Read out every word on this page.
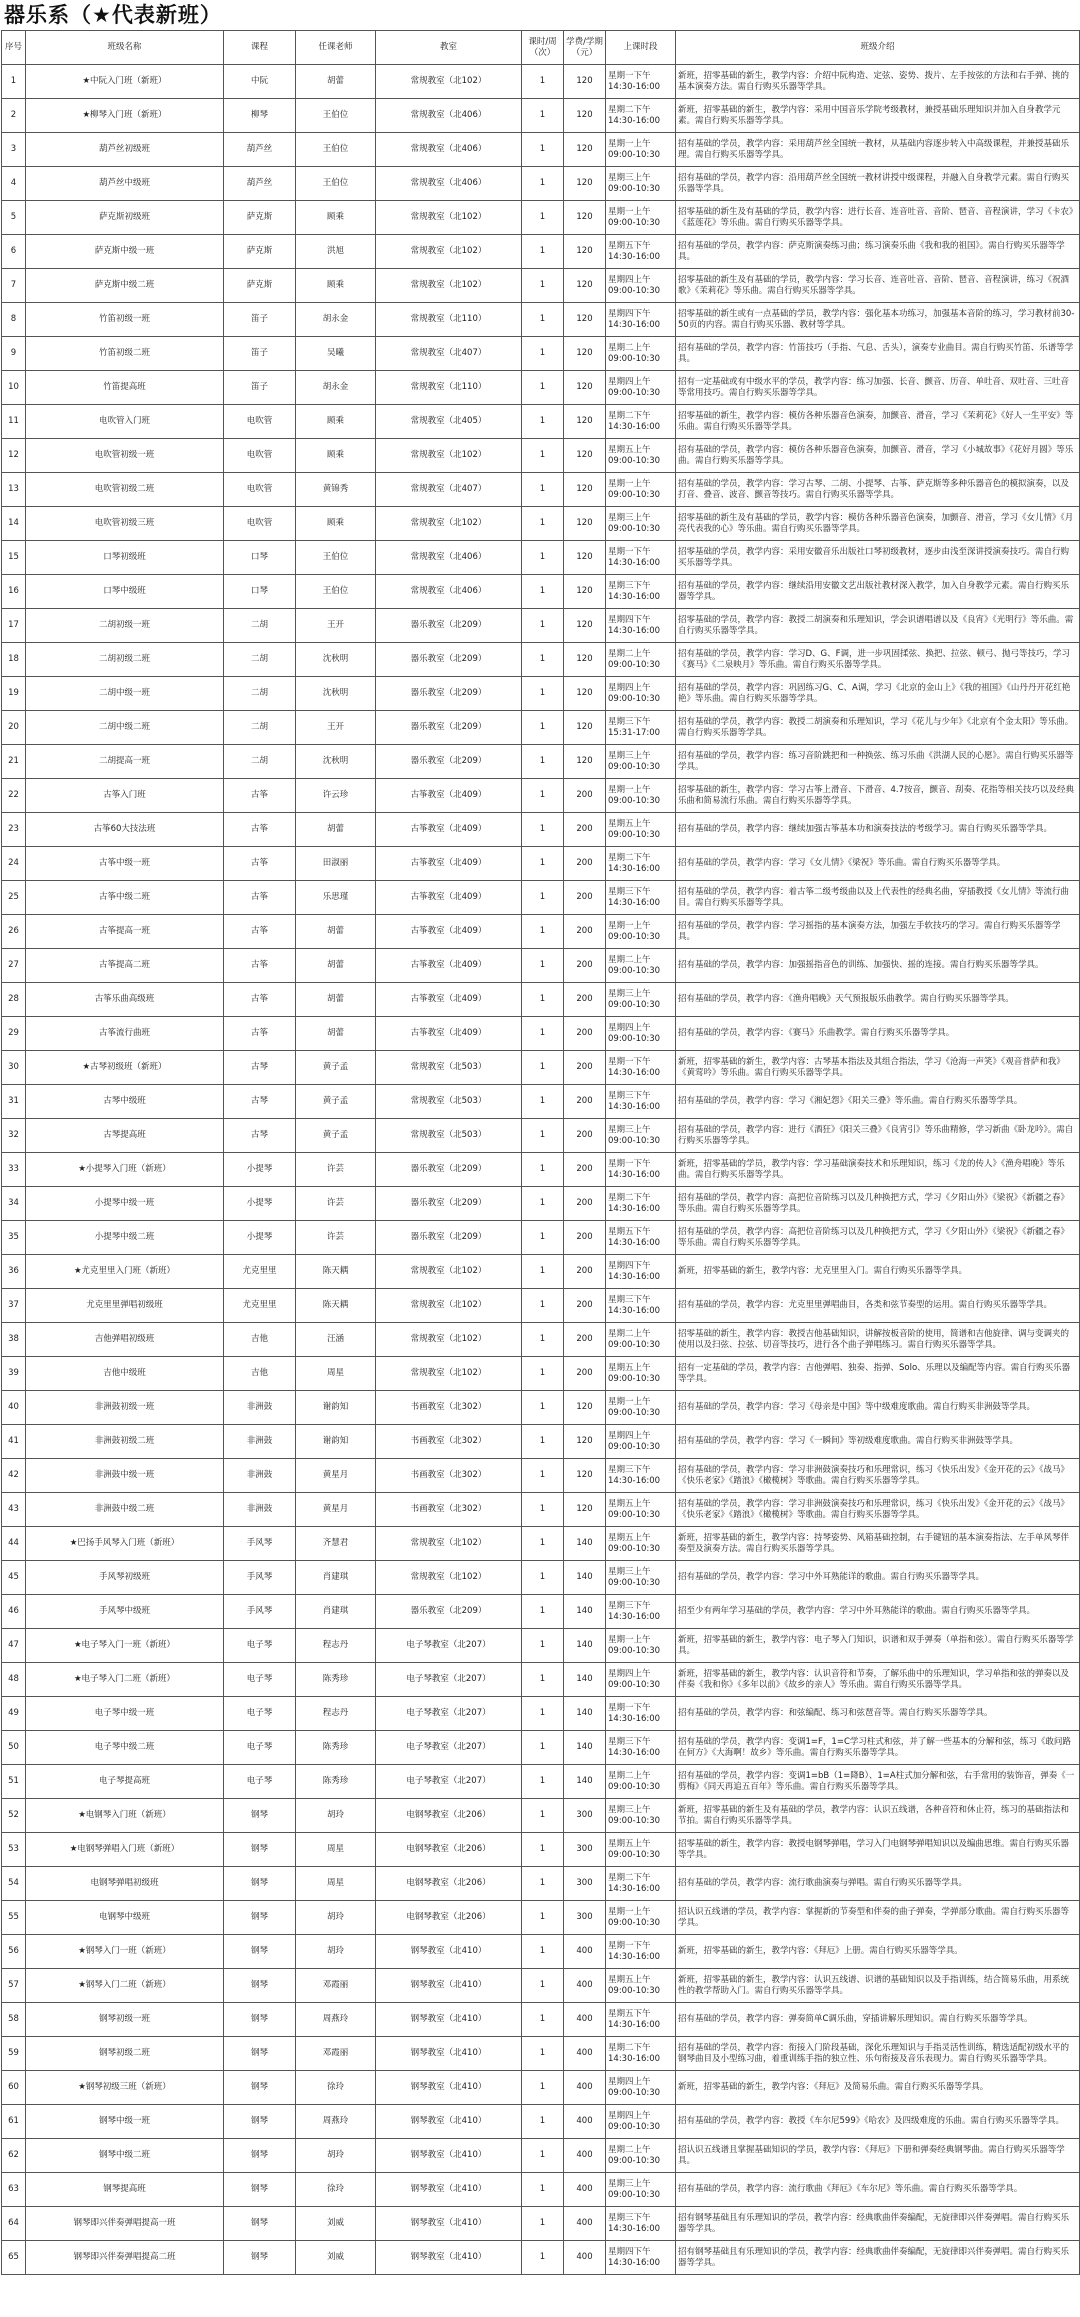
器乐系（★代表新班）
序号	班级名称	课程	任课老师	教室	课时/周（次）	学费/学期（元）	上课时段	班级介绍
1	★中阮入门班（新班）	中阮	胡蕾	常规教室（北102）	1	120	星期一下午 14:30-16:00	新班，招零基础的新生，教学内容：介绍中阮构造、定弦、姿势、拨片、左手按弦的方法和右手弹、挑的基本演奏方法。需自行购买乐器等学具。
2	★柳琴入门班（新班）	柳琴	王伯位	常规教室（北406）	1	120	星期二下午 14:30-16:00	新班，招零基础的新生，教学内容：采用中国音乐学院考级教材，兼授基础乐理知识并加入自身教学元素。需自行购买乐器等学具。
3	葫芦丝初级班	葫芦丝	王伯位	常规教室（北406）	1	120	星期一上午 09:00-10:30	招有基础的学员，教学内容：采用葫芦丝全国统一教材，从基础内容逐步转入中高级课程，并兼授基础乐理。需自行购买乐器等学具。
4	葫芦丝中级班	葫芦丝	王伯位	常规教室（北406）	1	120	星期三上午 09:00-10:30	招有基础的学员，教学内容：沿用葫芦丝全国统一教材讲授中级课程，并融入自身教学元素。需自行购买乐器等学具。
5	萨克斯初级班	萨克斯	顾乘	常规教室（北102）	1	120	星期一上午 09:00-10:30	招零基础的新生及有基础的学员，教学内容：进行长音、连音吐音、音阶、琶音、音程演讲，学习《卡农》《蓝莲花》等乐曲。需自行购买乐器等学具。
6	萨克斯中级一班	萨克斯	洪旭	常规教室（北102）	1	120	星期五下午 14:30-16:00	招有基础的学员，教学内容：萨克斯演奏练习曲；练习演奏乐曲《我和我的祖国》。需自行购买乐器等学具。
7	萨克斯中级二班	萨克斯	顾乘	常规教室（北102）	1	120	星期四上午 09:00-10:30	招零基础的新生及有基础的学员，教学内容：学习长音、连音吐音、音阶、琶音、音程演讲，练习《祝酒歌》《茉莉花》等乐曲。需自行购买乐器等学具。
8	竹笛初级一班	笛子	胡永金	常规教室（北110）	1	120	星期四下午 14:30-16:00	招零基础的新生或有一点基础的学员，教学内容：强化基本功练习，加强基本音阶的练习，学习教材前30-50页的内容。需自行购买乐器、教材等学具。
9	竹笛初级二班	笛子	吴曦	常规教室（北407）	1	120	星期二上午 09:00-10:30	招有基础的学员，教学内容：竹笛技巧（手指、气息、舌头），演奏专业曲目。需自行购买竹笛、乐谱等学具。
10	竹笛提高班	笛子	胡永金	常规教室（北110）	1	120	星期四上午 09:00-10:30	招有一定基础或有中级水平的学员，教学内容：练习加强、长音、颤音、历音、单吐音、双吐音、三吐音等常用技巧。需自行购买乐器等学具。
11	电吹管入门班	电吹管	顾乘	常规教室（北405）	1	120	星期二下午 14:30-16:00	招零基础的新生，教学内容：模仿各种乐器音色演奏，加颤音、滑音，学习《茉莉花》《好人一生平安》等乐曲。需自行购买乐器等学具。
12	电吹管初级一班	电吹管	顾乘	常规教室（北102）	1	120	星期五上午 09:00-10:30	招有基础的学员，教学内容：模仿各种乐器音色演奏，加颤音、滑音，学习《小城故事》《花好月圆》等乐曲。需自行购买乐器等学具。
13	电吹管初级二班	电吹管	黄锦秀	常规教室（北407）	1	120	星期一上午 09:00-10:30	招有基础的学员，教学内容：学习古琴、二胡、小提琴、古筝、萨克斯等多种乐器音色的模拟演奏，以及打音、叠音、波音、颤音等技巧。需自行购买乐器等学具。
14	电吹管初级三班	电吹管	顾乘	常规教室（北102）	1	120	星期三上午 09:00-10:30	招零基础的新生及有基础的学员，教学内容：模仿各种乐器音色演奏，加颤音、滑音，学习《女儿情》《月亮代表我的心》等乐曲。需自行购买乐器等学具。
15	口琴初级班	口琴	王伯位	常规教室（北406）	1	120	星期一下午 14:30-16:00	招零基础的学员，教学内容：采用安徽音乐出版社口琴初级教材，逐步由浅至深讲授演奏技巧。需自行购买乐器等学具。
16	口琴中级班	口琴	王伯位	常规教室（北406）	1	120	星期三下午 14:30-16:00	招有基础的学员，教学内容：继续沿用安徽文艺出版社教材深入教学，加入自身教学元素。需自行购买乐器等学具。
17	二胡初级一班	二胡	王开	器乐教室（北209）	1	120	星期四下午 14:30-16:00	招零基础的学员，教学内容：教授二胡演奏和乐理知识，学会识谱唱谱以及《良宵》《光明行》等乐曲。需自行购买乐器等学具。
18	二胡初级二班	二胡	沈秋明	器乐教室（北209）	1	120	星期二上午 09:00-10:30	招有基础的学员，教学内容：学习D、G、F调，进一步巩固揉弦、换把、拉弦、顿弓、抛弓等技巧，学习《赛马》《二泉映月》等乐曲。需自行购买乐器等学具。
19	二胡中级一班	二胡	沈秋明	器乐教室（北209）	1	120	星期四上午 09:00-10:30	招有基础的学员，教学内容：巩固练习G、C、A调，学习《北京的金山上》《我的祖国》《山丹丹开花红艳艳》等乐曲。需自行购买乐器等学具。
20	二胡中级二班	二胡	王开	器乐教室（北209）	1	120	星期三下午 15:31-17:00	招有基础的学员，教学内容：教授二胡演奏和乐理知识，学习《花儿与少年》《北京有个金太阳》等乐曲。需自行购买乐器等学具。
21	二胡提高一班	二胡	沈秋明	器乐教室（北209）	1	120	星期三上午 09:00-10:30	招有基础的学员，教学内容：练习音阶跳把和一种换弦、练习乐曲《洪湖人民的心愿》。需自行购买乐器等学具。
22	古筝入门班	古筝	许云珍	古筝教室（北409）	1	200	星期一上午 09:00-10:30	招零基础的新生，教学内容：学习古筝上滑音、下滑音、4.7按音，颤音、刮奏、花指等相关技巧以及经典乐曲和简易流行乐曲。需自行购买乐器等学具。
23	古筝60大技法班	古筝	胡蕾	古筝教室（北409）	1	200	星期五上午 09:00-10:30	招有基础的学员，教学内容：继续加强古筝基本功和演奏技法的考级学习。需自行购买乐器等学具。
24	古筝中级一班	古筝	田淑丽	古筝教室（北409）	1	200	星期二下午 14:30-16:00	招有基础的学员，教学内容：学习《女儿情》《梁祝》等乐曲。需自行购买乐器等学具。
25	古筝中级二班	古筝	乐思瑾	古筝教室（北409）	1	200	星期三下午 14:30-16:00	招有基础的学员，教学内容：着古筝二级考级曲以及上代表性的经典名曲，穿插教授《女儿情》等流行曲目。需自行购买乐器等学具。
26	古筝提高一班	古筝	胡蕾	古筝教室（北409）	1	200	星期一上午 09:00-10:30	招有基础的学员，教学内容：学习摇指的基本演奏方法，加强左手软技巧的学习。需自行购买乐器等学具。
27	古筝提高二班	古筝	胡蕾	古筝教室（北409）	1	200	星期二上午 09:00-10:30	招有基础的学员，教学内容：加强摇指音色的训练、加强快、摇的连接。需自行购买乐器等学具。
28	古筝乐曲高级班	古筝	胡蕾	古筝教室（北409）	1	200	星期三上午 09:00-10:30	招有基础的学员，教学内容：《渔舟唱晚》天气预报版乐曲教学。需自行购买乐器等学具。
29	古筝流行曲班	古筝	胡蕾	古筝教室（北409）	1	200	星期四上午 09:00-10:30	招有基础的学员，教学内容：《赛马》乐曲教学。需自行购买乐器等学具。
30	★古琴初级班（新班）	古琴	黄子孟	常规教室（北503）	1	200	星期一下午 14:30-16:00	新班，招零基础的新生，教学内容：古琴基本指法及其组合指法，学习《沧海一声笑》《观音普萨和我》《黄莺吟》等乐曲。需自行购买乐器等学具。
31	古琴中级班	古琴	黄子孟	常规教室（北503）	1	200	星期三下午 14:30-16:00	招有基础的学员，教学内容：学习《湘妃怨》《阳关三叠》等乐曲。需自行购买乐器等学具。
32	古琴提高班	古琴	黄子孟	常规教室（北503）	1	200	星期三上午 09:00-10:30	招有基础的学员，教学内容：进行《酒狂》《阳关三叠》《良宵引》等乐曲精修，学习新曲《卧龙吟》。需自行购买乐器等学具。
33	★小提琴入门班（新班）	小提琴	许芸	器乐教室（北209）	1	200	星期一下午 14:30-16:00	新班，招零基础的学员，教学内容：学习基础演奏技术和乐理知识，练习《龙的传人》《渔舟唱晚》等乐曲。需自行购买乐器等学具。
34	小提琴中级一班	小提琴	许芸	器乐教室（北209）	1	200	星期二下午 14:30-16:00	招有基础的学员，教学内容：高把位音阶练习以及几种换把方式，学习《夕阳山外》《梁祝》《新疆之春》等乐曲。需自行购买乐器等学具。
35	小提琴中级二班	小提琴	许芸	器乐教室（北209）	1	200	星期五下午 14:30-16:00	招有基础的学员，教学内容：高把位音阶练习以及几种换把方式，学习《夕阳山外》《梁祝》《新疆之春》等乐曲。需自行购买乐器等学具。
36	★尤克里里入门班（新班）	尤克里里	陈天耦	常规教室（北102）	1	200	星期四下午 14:30-16:00	新班，招零基础的新生，教学内容：尤克里里入门。需自行购买乐器等学具。
37	尤克里里弹唱初级班	尤克里里	陈天耦	常规教室（北102）	1	200	星期三下午 14:30-16:00	招有基础的学员，教学内容：尤克里里弹唱曲目，各类和弦节奏型的运用。需自行购买乐器等学具。
38	吉他弹唱初级班	吉他	汪涵	常规教室（北102）	1	200	星期二上午 09:00-10:30	招零基础的新生，教学内容：教授吉他基础知识，讲解按板音阶的使用，简谱和吉他旋律、调与变调夹的使用以及扫弦、拉弦、切音等技巧，进行各个曲子弹唱练习。需自行购买乐器等学具。
39	吉他中级班	吉他	周星	常规教室（北102）	1	200	星期五上午 09:00-10:30	招有一定基础的学员，教学内容：吉他弹唱、独奏、指弹、Solo、乐理以及编配等内容。需自行购买乐器等学具。
40	非洲鼓初级一班	非洲鼓	谢韵知	书画教室（北302）	1	120	星期一上午 09:00-10:30	招有基础的学员，教学内容：学习《母亲是中国》等中级难度歌曲。需自行购买非洲鼓等学具。
41	非洲鼓初级二班	非洲鼓	谢韵知	书画教室（北302）	1	120	星期四上午 09:00-10:30	招有基础的学员，教学内容：学习《一瞬间》等初级难度歌曲。需自行购买非洲鼓等学具。
42	非洲鼓中级一班	非洲鼓	黄星月	书画教室（北302）	1	120	星期三下午 14:30-16:00	招有基础的学员，教学内容：学习非洲鼓演奏技巧和乐理常识，练习《快乐出发》《金开花的云》《战马》《快乐老家》《踏浪》《橄榄树》等歌曲。需自行购买乐器等学具。
43	非洲鼓中级二班	非洲鼓	黄星月	书画教室（北302）	1	120	星期五上午 09:00-10:30	招有基础的学员，教学内容：学习非洲鼓演奏技巧和乐理常识，练习《快乐出发》《金开花的云》《战马》《快乐老家》《踏浪》《橄榄树》等歌曲。需自行购买乐器等学具。
44	★巴扬手风琴入门班（新班）	手风琴	齐慧君	常规教室（北102）	1	140	星期五上午 09:00-10:30	新班，招零基础的新生，教学内容：持琴姿势、风箱基础控制，右手键钮的基本演奏指法、左手单风琴伴奏型及演奏方法。需自行购买乐器等学具。
45	手风琴初级班	手风琴	肖建琪	常规教室（北102）	1	140	星期三上午 09:00-10:30	招有基础的学员，教学内容：学习中外耳熟能详的歌曲。需自行购买乐器等学具。
46	手风琴中级班	手风琴	肖建琪	器乐教室（北209）	1	140	星期三下午 14:30-16:00	招至少有两年学习基础的学员，教学内容：学习中外耳熟能详的歌曲。需自行购买乐器等学具。
47	★电子琴入门一班（新班）	电子琴	程志丹	电子琴教室（北207）	1	140	星期一上午 09:00-10:30	新班，招零基础的新生，教学内容：电子琴入门知识，识谱和双手弹奏（单指和弦）。需自行购买乐器等学具。
48	★电子琴入门二班（新班）	电子琴	陈秀珍	电子琴教室（北207）	1	140	星期四上午 09:00-10:30	新班，招零基础的新生，教学内容：认识音符和节奏，了解乐曲中的乐理知识，学习单指和弦的弹奏以及伴奏《我和你》《多年以前》《故乡的亲人》等乐曲。需自行购买乐器等学具。
49	电子琴中级一班	电子琴	程志丹	电子琴教室（北207）	1	140	星期一下午 14:30-16:00	招有基础的学员，教学内容：和弦编配、练习和弦琶音等。需自行购买乐器等学具。
50	电子琴中级二班	电子琴	陈秀珍	电子琴教室（北207）	1	140	星期三下午 14:30-16:00	招有基础的学员，教学内容：变调1=F，1=C学习柱式和弦，并了解一些基本的分解和弦，练习《敢问路在何方》《大海啊！故乡》等乐曲。需自行购买乐器等学具。
51	电子琴提高班	电子琴	陈秀珍	电子琴教室（北207）	1	140	星期二上午 09:00-10:30	招有基础的学员，教学内容：变调1=bB（1=降B）、1=A柱式加分解和弦，右手常用的装饰音，弹奏《一剪梅》《同天再追五百年》等乐曲。需自行购买乐器等学具。
52	★电钢琴入门班（新班）	钢琴	胡玲	电钢琴教室（北206）	1	300	星期三上午 09:00-10:30	新班，招零基础的新生及有基础的学员，教学内容：认识五线谱，各种音符和休止符，练习的基础指法和节拍。需自行购买乐器等学具。
53	★电钢琴弹唱入门班（新班）	钢琴	周星	电钢琴教室（北206）	1	300	星期五上午 09:00-10:30	招零基础的新生，教学内容：教授电钢琴弹唱，学习入门电钢琴弹唱知识以及编曲思维。需自行购买乐器等学具。
54	电钢琴弹唱初级班	钢琴	周星	电钢琴教室（北206）	1	300	星期二下午 14:30-16:00	招有基础的学员，教学内容：流行歌曲演奏与弹唱。需自行购买乐器等学具。
55	电钢琴中级班	钢琴	胡玲	电钢琴教室（北206）	1	300	星期一上午 09:00-10:30	招认识五线谱的学员，教学内容：掌握新的节奏型和伴奏的曲子弹奏，学弹部分歌曲。需自行购买乐器等学具。
56	★钢琴入门一班（新班）	钢琴	胡玲	钢琴教室（北410）	1	400	星期一下午 14:30-16:00	新班，招零基础的新生，教学内容：《拜厄》上册。需自行购买乐器等学具。
57	★钢琴入门二班（新班）	钢琴	邓霞丽	钢琴教室（北410）	1	400	星期五上午 09:00-10:30	新班，招零基础的新生，教学内容：认识五线谱、识谱的基础知识以及手指训练，结合简易乐曲，用系统性的教学帮助入门。需自行购买乐器等学具。
58	钢琴初级一班	钢琴	周燕玲	钢琴教室（北410）	1	400	星期五下午 14:30-16:00	招有基础的学员，教学内容：弹奏简单C调乐曲，穿插讲解乐理知识。需自行购买乐器等学具。
59	钢琴初级二班	钢琴	邓霞丽	钢琴教室（北410）	1	400	星期二下午 14:30-16:00	招有基础的学员，教学内容：衔接入门阶段基础，深化乐理知识与手指灵活性训练，精选适配初级水平的钢琴曲目及小型练习曲，着重训练手指的独立性、乐句衔接及音乐表现力。需自行购买乐器等学具。
60	★钢琴初级三班（新班）	钢琴	徐玲	钢琴教室（北410）	1	400	星期四上午 09:00-10:30	新班，招零基础的新生，教学内容：《拜厄》及简易乐曲。需自行购买乐器等学具。
61	钢琴中级一班	钢琴	周燕玲	钢琴教室（北410）	1	400	星期四上午 09:00-10:30	招有基础的学员，教学内容：教授《车尔尼599》《哈农》及四级难度的乐曲。需自行购买乐器等学具。
62	钢琴中级二班	钢琴	胡玲	钢琴教室（北410）	1	400	星期二上午 09:00-10:30	招认识五线谱且掌握基础知识的学员，教学内容：《拜厄》下册和弹奏经典钢琴曲。需自行购买乐器等学具。
63	钢琴提高班	钢琴	徐玲	钢琴教室（北410）	1	400	星期三上午 09:00-10:30	招有基础的学员，教学内容：流行歌曲《拜厄》《车尔尼》等乐曲。需自行购买乐器等学具。
64	钢琴即兴伴奏弹唱提高一班	钢琴	刘威	钢琴教室（北410）	1	400	星期三下午 14:30-16:00	招有钢琴基础且有乐理知识的学员，教学内容：经典歌曲伴奏编配，无旋律即兴伴奏弹唱。需自行购买乐器等学具。
65	钢琴即兴伴奏弹唱提高二班	钢琴	刘威	钢琴教室（北410）	1	400	星期四下午 14:30-16:00	招有钢琴基础且有乐理知识的学员，教学内容：经典歌曲伴奏编配，无旋律即兴伴奏弹唱。需自行购买乐器等学具。
